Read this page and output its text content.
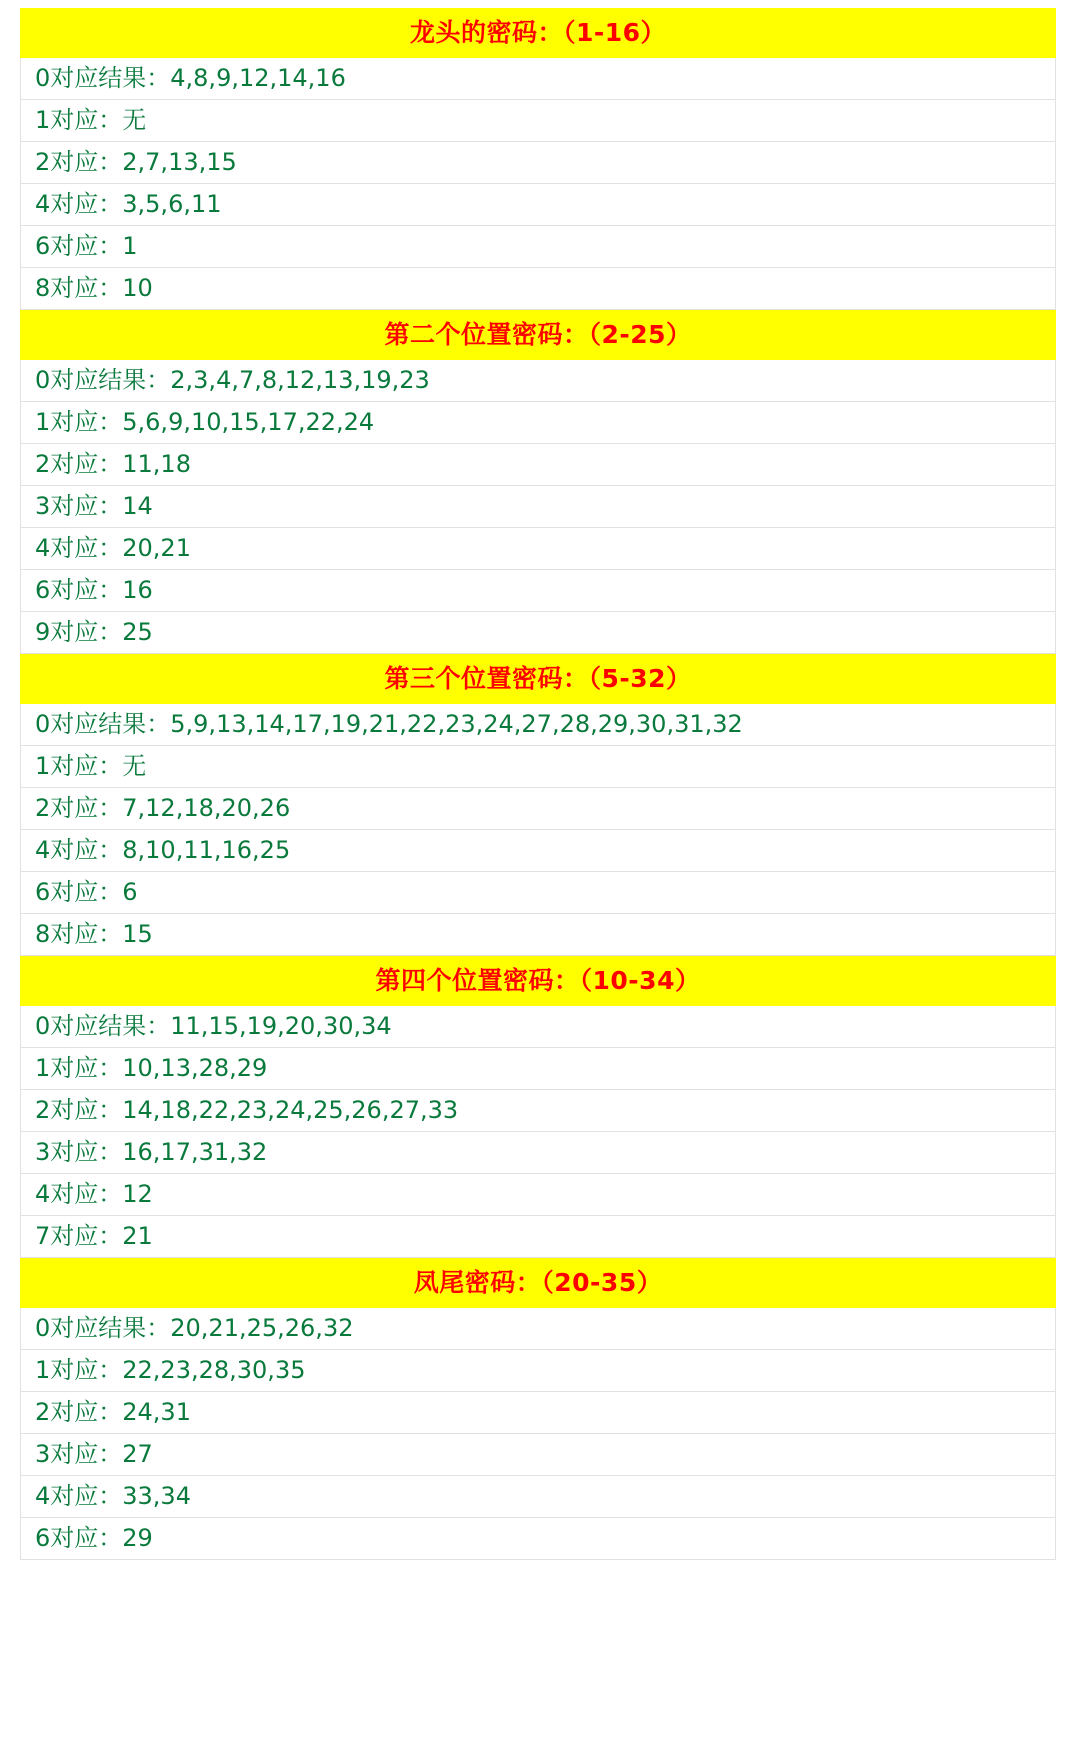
龙头的密码：（1-16）
0对应结果：4,8,9,12,14,16
1对应：无
2对应：2,7,13,15
4对应：3,5,6,11
6对应：1
8对应：10
第二个位置密码：（2-25）
0对应结果：2,3,4,7,8,12,13,19,23
1对应：5,6,9,10,15,17,22,24
2对应：11,18
3对应：14
4对应：20,21
6对应：16
9对应：25
第三个位置密码：（5-32）
0对应结果：5,9,13,14,17,19,21,22,23,24,27,28,29,30,31,32
1对应：无
2对应：7,12,18,20,26
4对应：8,10,11,16,25
6对应：6
8对应：15
第四个位置密码：（10-34）
0对应结果：11,15,19,20,30,34
1对应：10,13,28,29
2对应：14,18,22,23,24,25,26,27,33
3对应：16,17,31,32
4对应：12
7对应：21
凤尾密码：（20-35）
0对应结果：20,21,25,26,32
1对应：22,23,28,30,35
2对应：24,31
3对应：27
4对应：33,34
6对应：29
